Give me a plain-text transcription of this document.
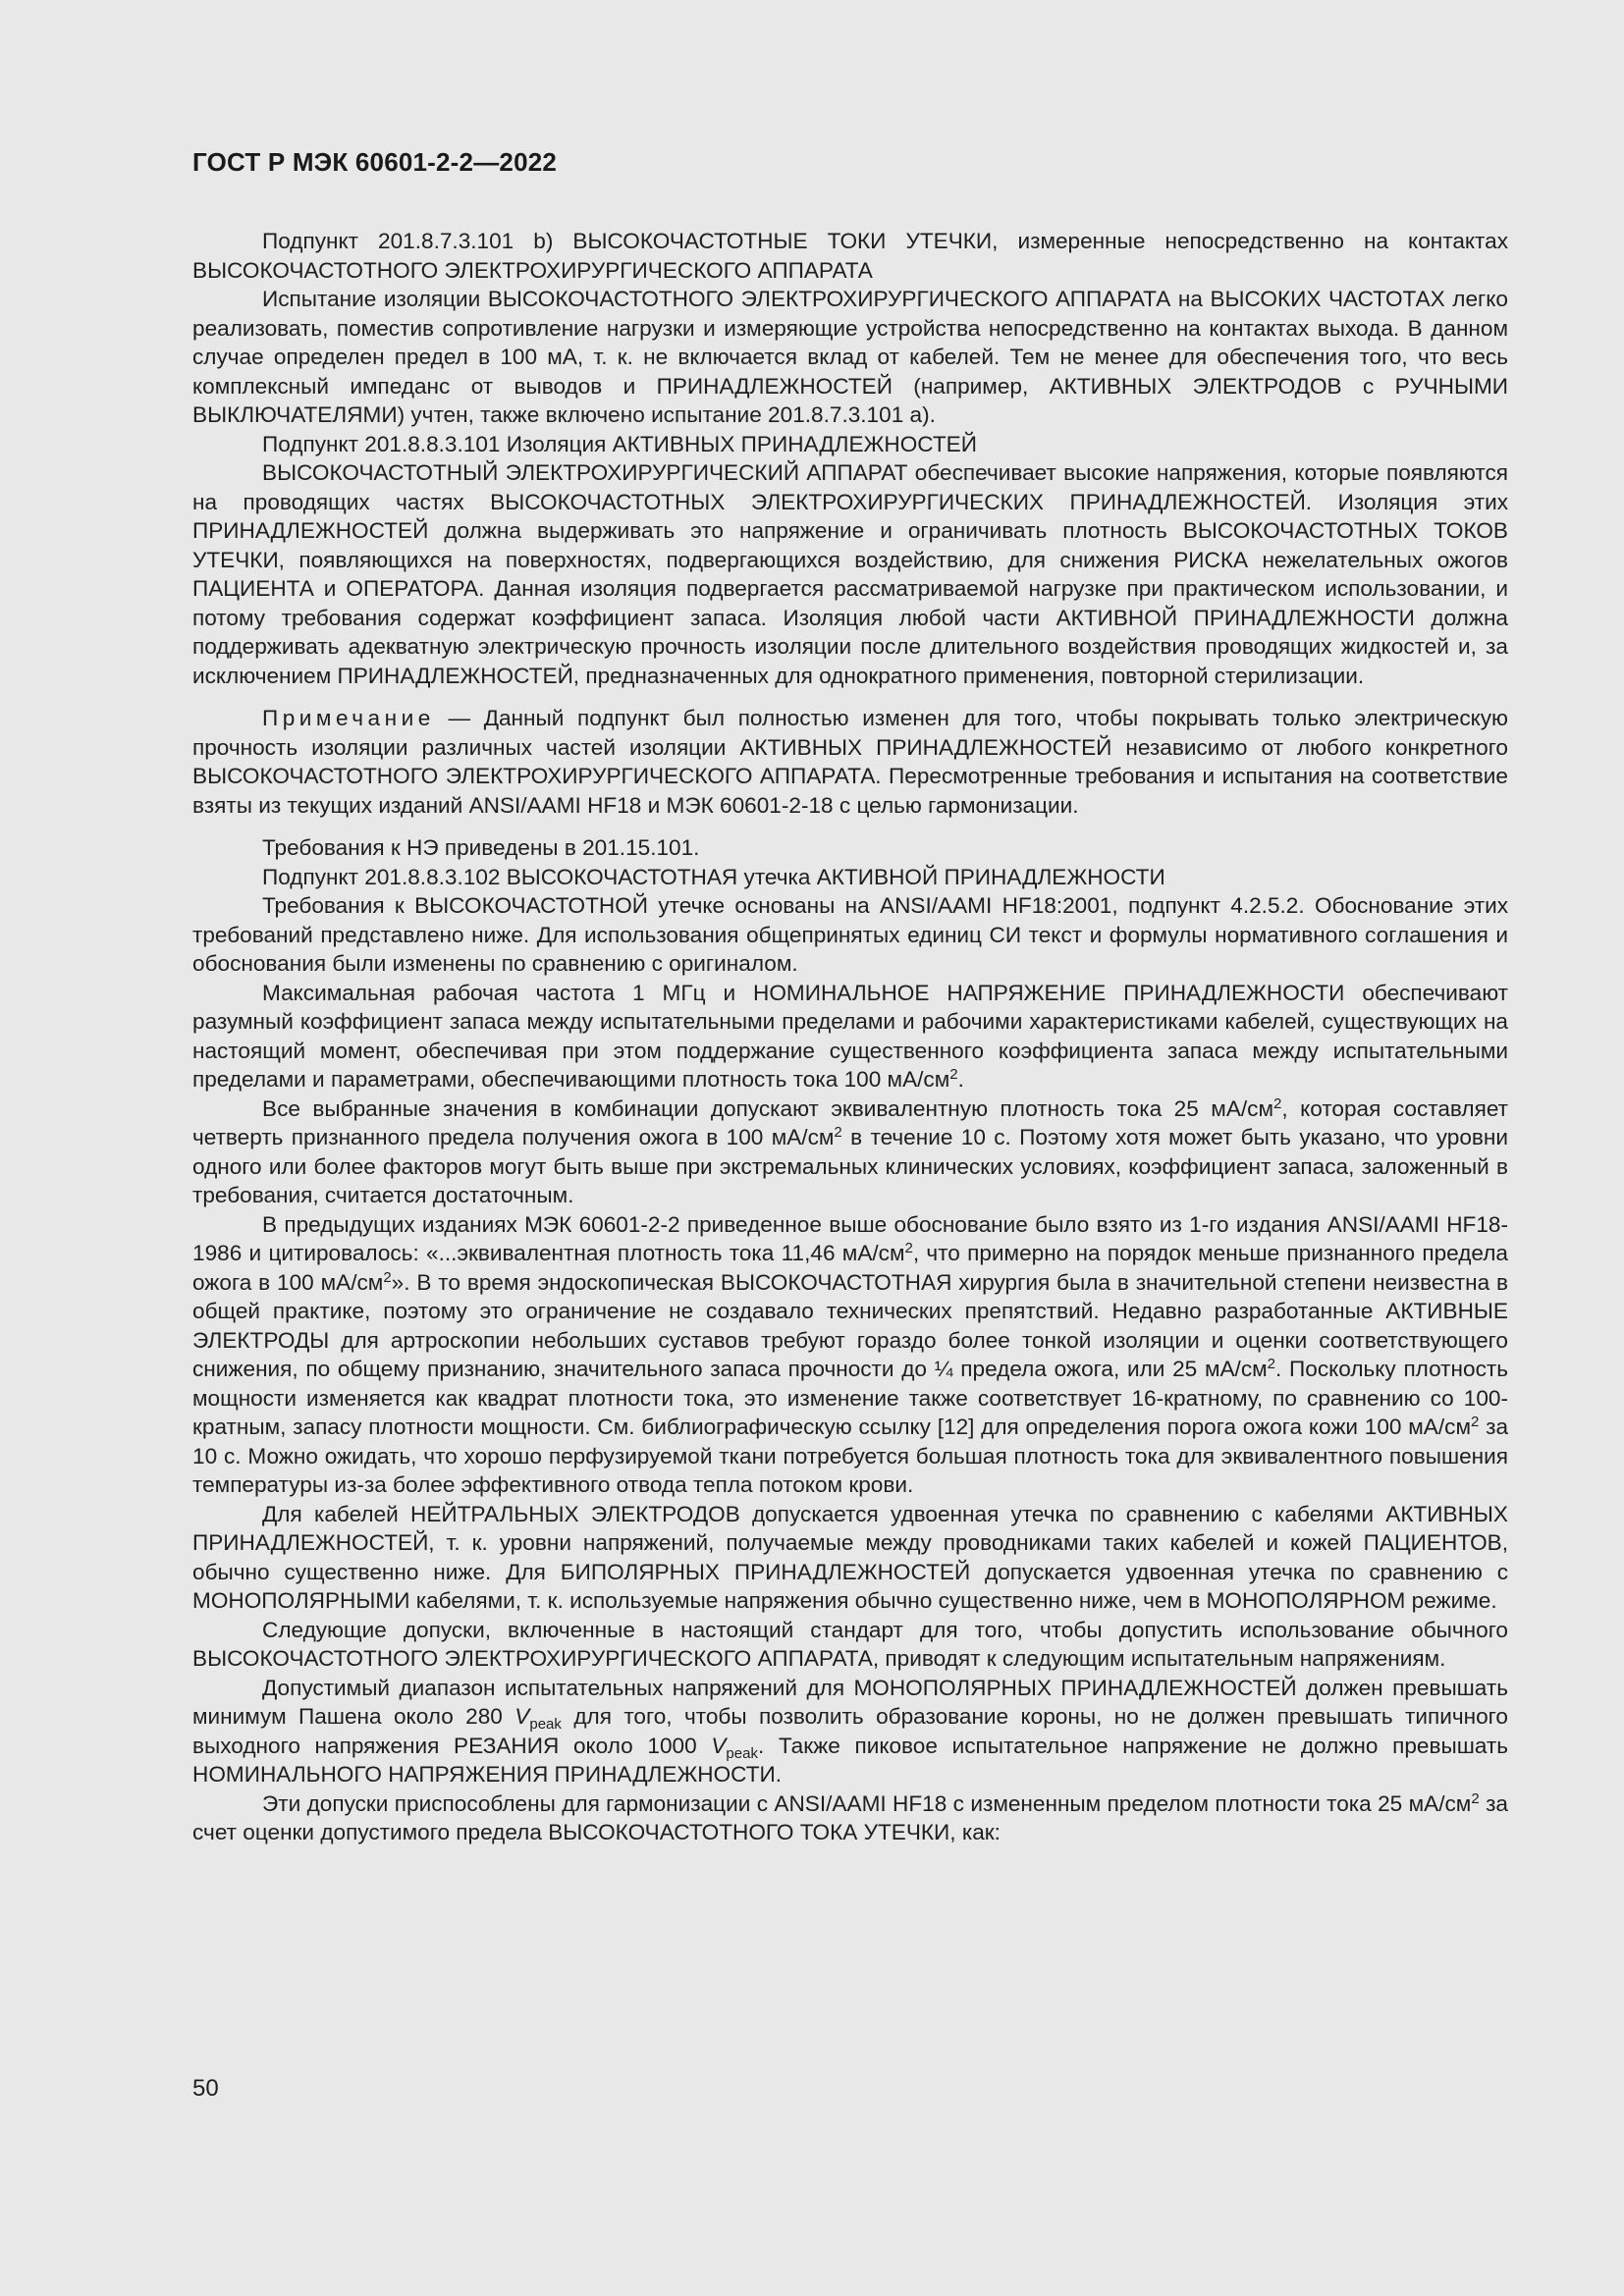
ГОСТ Р МЭК 60601-2-2—2022

Подпункт 201.8.7.3.101 b) ВЫСОКОЧАСТОТНЫЕ ТОКИ УТЕЧКИ, измеренные непосредственно на контактах ВЫСОКОЧАСТОТНОГО ЭЛЕКТРОХИРУРГИЧЕСКОГО АППАРАТА

Испытание изоляции ВЫСОКОЧАСТОТНОГО ЭЛЕКТРОХИРУРГИЧЕСКОГО АППАРАТА на ВЫСОКИХ ЧАСТОТАХ легко реализовать, поместив сопротивление нагрузки и измеряющие устройства непосредственно на контактах выхода. В данном случае определен предел в 100 мА, т. к. не включается вклад от кабелей. Тем не менее для обеспечения того, что весь комплексный импеданс от выводов и ПРИНАДЛЕЖНОСТЕЙ (например, АКТИВНЫХ ЭЛЕКТРОДОВ с РУЧНЫМИ ВЫКЛЮЧАТЕЛЯМИ) учтен, также включено испытание 201.8.7.3.101 а).

Подпункт 201.8.8.3.101 Изоляция АКТИВНЫХ ПРИНАДЛЕЖНОСТЕЙ

ВЫСОКОЧАСТОТНЫЙ ЭЛЕКТРОХИРУРГИЧЕСКИЙ АППАРАТ обеспечивает высокие напряжения, которые появляются на проводящих частях ВЫСОКОЧАСТОТНЫХ ЭЛЕКТРОХИРУРГИЧЕСКИХ ПРИНАДЛЕЖНОСТЕЙ. Изоляция этих ПРИНАДЛЕЖНОСТЕЙ должна выдерживать это напряжение и ограничивать плотность ВЫСОКОЧАСТОТНЫХ ТОКОВ УТЕЧКИ, появляющихся на поверхностях, подвергающихся воздействию, для снижения РИСКА нежелательных ожогов ПАЦИЕНТА и ОПЕРАТОРА. Данная изоляция подвергается рассматриваемой нагрузке при практическом использовании, и потому требования содержат коэффициент запаса. Изоляция любой части АКТИВНОЙ ПРИНАДЛЕЖНОСТИ должна поддерживать адекватную электрическую прочность изоляции после длительного воздействия проводящих жидкостей и, за исключением ПРИНАДЛЕЖНОСТЕЙ, предназначенных для однократного применения, повторной стерилизации.

Примечание — Данный подпункт был полностью изменен для того, чтобы покрывать только электрическую прочность изоляции различных частей изоляции АКТИВНЫХ ПРИНАДЛЕЖНОСТЕЙ независимо от любого конкретного ВЫСОКОЧАСТОТНОГО ЭЛЕКТРОХИРУРГИЧЕСКОГО АППАРАТА. Пересмотренные требования и испытания на соответствие взяты из текущих изданий ANSI/AAMI HF18 и МЭК 60601-2-18 с целью гармонизации.

Требования к НЭ приведены в 201.15.101.

Подпункт 201.8.8.3.102 ВЫСОКОЧАСТОТНАЯ утечка АКТИВНОЙ ПРИНАДЛЕЖНОСТИ

Требования к ВЫСОКОЧАСТОТНОЙ утечке основаны на ANSI/AAMI HF18:2001, подпункт 4.2.5.2. Обоснование этих требований представлено ниже. Для использования общепринятых единиц СИ текст и формулы нормативного соглашения и обоснования были изменены по сравнению с оригиналом.

Максимальная рабочая частота 1 МГц и НОМИНАЛЬНОЕ НАПРЯЖЕНИЕ ПРИНАДЛЕЖНОСТИ обеспечивают разумный коэффициент запаса между испытательными пределами и рабочими характеристиками кабелей, существующих на настоящий момент, обеспечивая при этом поддержание существенного коэффициента запаса между испытательными пределами и параметрами, обеспечивающими плотность тока 100 $мА/см^2$.

Все выбранные значения в комбинации допускают эквивалентную плотность тока 25 $мА/см^2$, которая составляет четверть признанного предела получения ожога в 100 $мА/см^2$ в течение 10 с. Поэтому хотя может быть указано, что уровни одного или более факторов могут быть выше при экстремальных клинических условиях, коэффициент запаса, заложенный в требования, считается достаточным.

В предыдущих изданиях МЭК 60601-2-2 приведенное выше обоснование было взято из 1-го издания ANSI/AAMI HF18-1986 и цитировалось: «...эквивалентная плотность тока 11,46 $мА/см^2$, что примерно на порядок меньше признанного предела ожога в 100 $мА/см^2$». В то время эндоскопическая ВЫСОКОЧАСТОТНАЯ хирургия была в значительной степени неизвестна в общей практике, поэтому это ограничение не создавало технических препятствий. Недавно разработанные АКТИВНЫЕ ЭЛЕКТРОДЫ для артроскопии небольших суставов требуют гораздо более тонкой изоляции и оценки соответствующего снижения, по общему признанию, значительного запаса прочности до ¼ предела ожога, или 25 $мА/см^2$. Поскольку плотность мощности изменяется как квадрат плотности тока, это изменение также соответствует 16-кратному, по сравнению со 100-кратным, запасу плотности мощности. См. библиографическую ссылку [12] для определения порога ожога кожи 100 $мА/см^2$ за 10 с. Можно ожидать, что хорошо перфузируемой ткани потребуется большая плотность тока для эквивалентного повышения температуры из-за более эффективного отвода тепла потоком крови.

Для кабелей НЕЙТРАЛЬНЫХ ЭЛЕКТРОДОВ допускается удвоенная утечка по сравнению с кабелями АКТИВНЫХ ПРИНАДЛЕЖНОСТЕЙ, т. к. уровни напряжений, получаемые между проводниками таких кабелей и кожей ПАЦИЕНТОВ, обычно существенно ниже. Для БИПОЛЯРНЫХ ПРИНАДЛЕЖНОСТЕЙ допускается удвоенная утечка по сравнению с МОНОПОЛЯРНЫМИ кабелями, т. к. используемые напряжения обычно существенно ниже, чем в МОНОПОЛЯРНОМ режиме.

Следующие допуски, включенные в настоящий стандарт для того, чтобы допустить использование обычного ВЫСОКОЧАСТОТНОГО ЭЛЕКТРОХИРУРГИЧЕСКОГО АППАРАТА, приводят к следующим испытательным напряжениям.

Допустимый диапазон испытательных напряжений для МОНОПОЛЯРНЫХ ПРИНАДЛЕЖНОСТЕЙ должен превышать минимум Пашена около 280 $V_{peak}$ для того, чтобы позволить образование короны, но не должен превышать типичного выходного напряжения РЕЗАНИЯ около 1000 $V_{peak}$. Также пиковое испытательное напряжение не должно превышать НОМИНАЛЬНОГО НАПРЯЖЕНИЯ ПРИНАДЛЕЖНОСТИ.

Эти допуски приспособлены для гармонизации с ANSI/AAMI HF18 с измененным пределом плотности тока 25 $мА/см^2$ за счет оценки допустимого предела ВЫСОКОЧАСТОТНОГО ТОКА УТЕЧКИ, как:

50
